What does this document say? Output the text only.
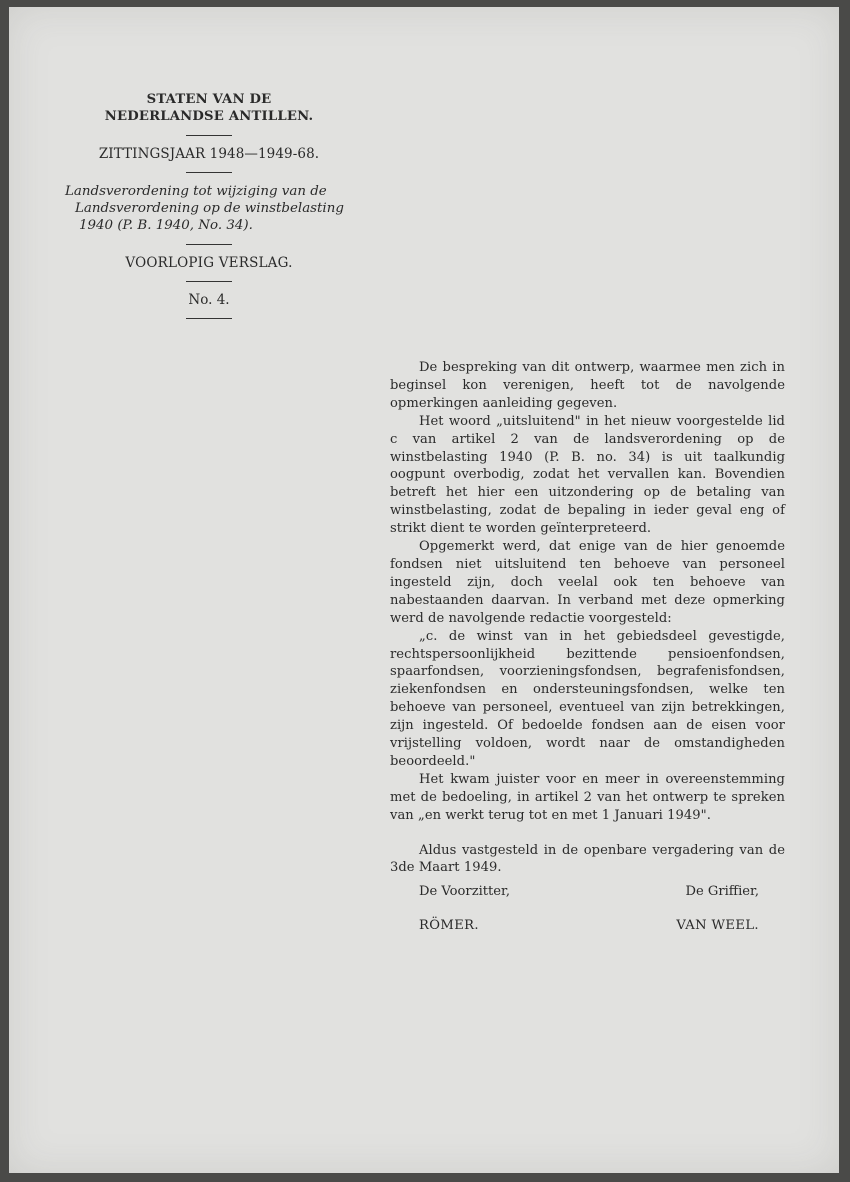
STATEN VAN DE

NEDERLANDSE ANTILLEN.

ZITTINGSJAAR 1948—1949-68.
Landsverordening tot wijziging van de
Landsverordening op de winstbelasting
1940 (P. B. 1940, No. 34).
VOORLOPIG VERSLAG.
No. 4.

De bespreking van dit ontwerp, waarmee men zich in beginsel kon verenigen, heeft tot de navolgende opmerkingen aanleiding gegeven.

Het woord „uitsluitend" in het nieuw voorgestelde lid c van artikel 2 van de landsverordening op de winstbelasting 1940 (P. B. no. 34) is uit taalkundig oogpunt overbodig, zodat het vervallen kan. Bovendien betreft het hier een uitzondering op de betaling van winstbelasting, zodat de bepaling in ieder geval eng of strikt dient te worden geïnterpreteerd.

Opgemerkt werd, dat enige van de hier genoemde fondsen niet uitsluitend ten behoeve van personeel ingesteld zijn, doch veelal ook ten behoeve van nabestaanden daarvan. In verband met deze opmerking werd de navolgende redactie voorgesteld:

„c. de winst van in het gebiedsdeel gevestigde, rechtspersoonlijkheid bezittende pensioenfondsen, spaarfondsen, voorzieningsfondsen, begrafenisfondsen, ziekenfondsen en ondersteuningsfondsen, welke ten behoeve van personeel, eventueel van zijn betrekkingen, zijn ingesteld. Of bedoelde fondsen aan de eisen voor vrijstelling voldoen, wordt naar de omstandigheden beoordeeld."

Het kwam juister voor en meer in overeenstemming met de bedoeling, in artikel 2 van het ontwerp te spreken van „en werkt terug tot en met 1 Januari 1949".

Aldus vastgesteld in de openbare vergadering van de 3de Maart 1949.

De Voorzitter,	De Griffier,
RÖMER.	VAN WEEL.
